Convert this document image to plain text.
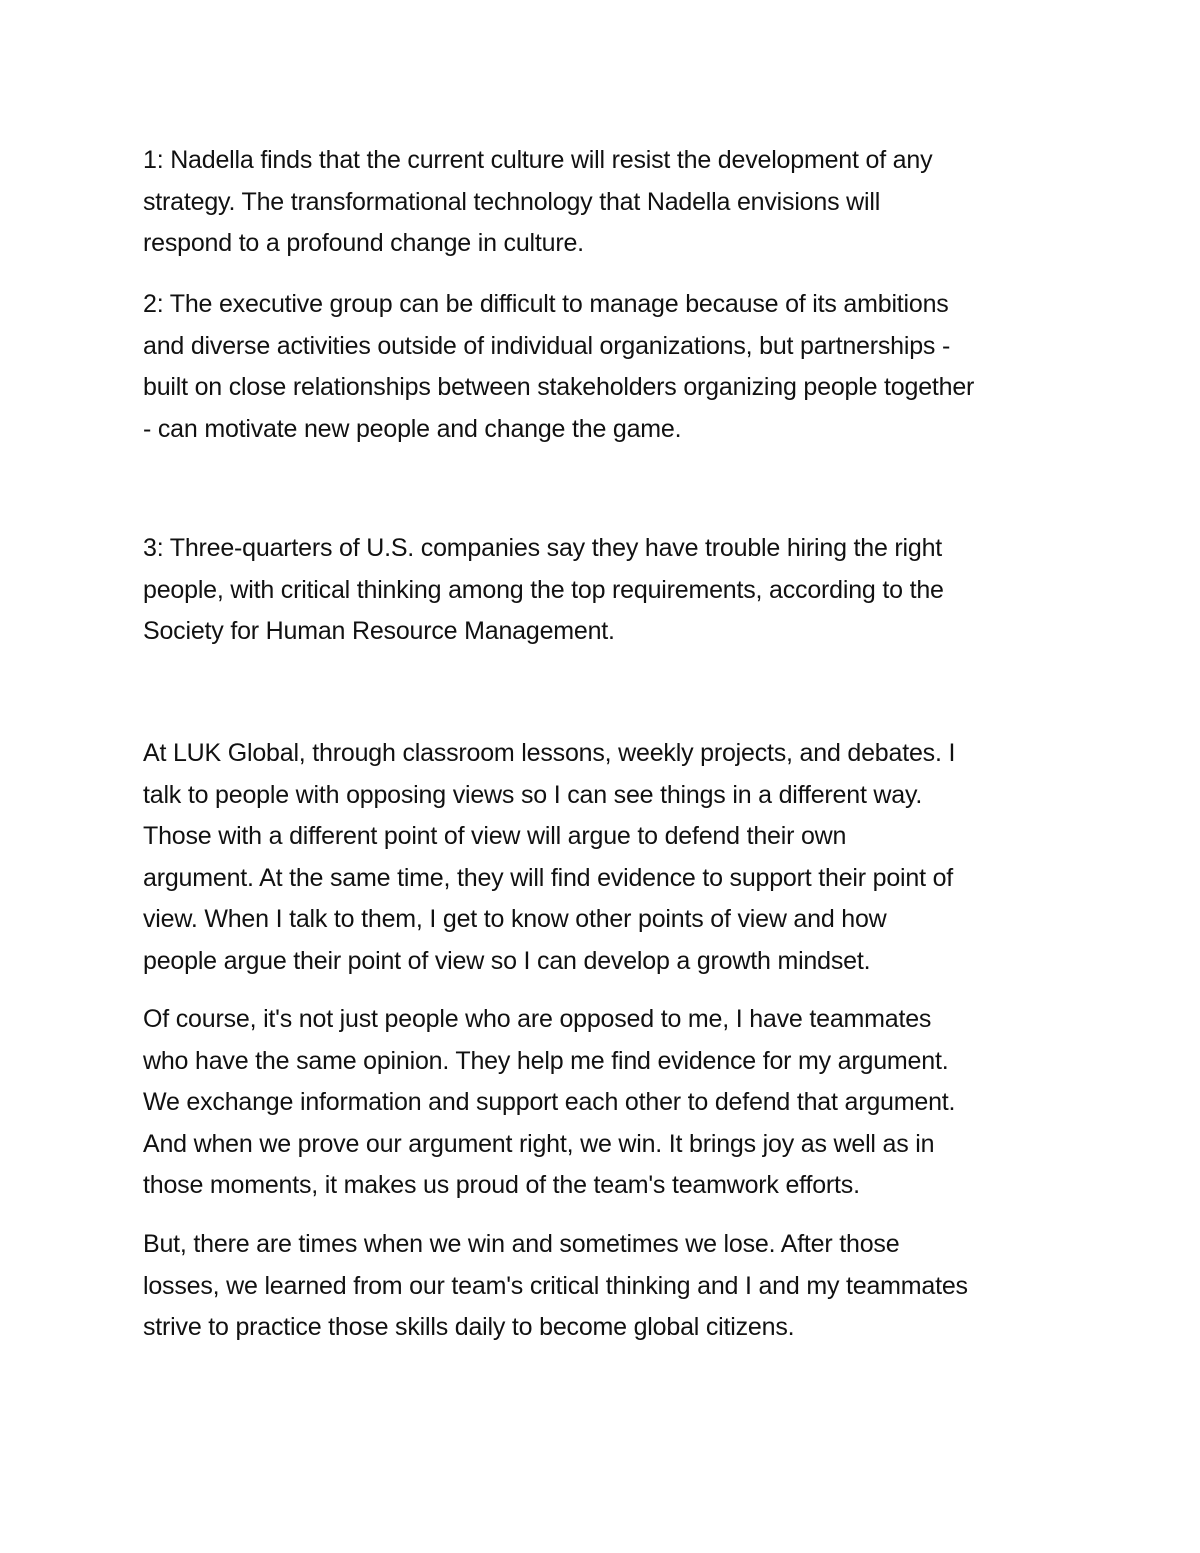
1: Nadella finds that the current culture will resist the development of any
strategy. The transformational technology that Nadella envisions will
respond to a profound change in culture.

2: The executive group can be difficult to manage because of its ambitions
and diverse activities outside of individual organizations, but partnerships -
built on close relationships between stakeholders organizing people together
- can motivate new people and change the game.

3: Three-quarters of U.S. companies say they have trouble hiring the right
people, with critical thinking among the top requirements, according to the
Society for Human Resource Management.

At LUK Global, through classroom lessons, weekly projects, and debates. I
talk to people with opposing views so I can see things in a different way.
Those with a different point of view will argue to defend their own
argument. At the same time, they will find evidence to support their point of
view. When I talk to them, I get to know other points of view and how
people argue their point of view so I can develop a growth mindset.

Of course, it's not just people who are opposed to me, I have teammates
who have the same opinion. They help me find evidence for my argument.
We exchange information and support each other to defend that argument.
And when we prove our argument right, we win. It brings joy as well as in
those moments, it makes us proud of the team's teamwork efforts.

But, there are times when we win and sometimes we lose. After those
losses, we learned from our team's critical thinking and I and my teammates
strive to practice those skills daily to become global citizens.
